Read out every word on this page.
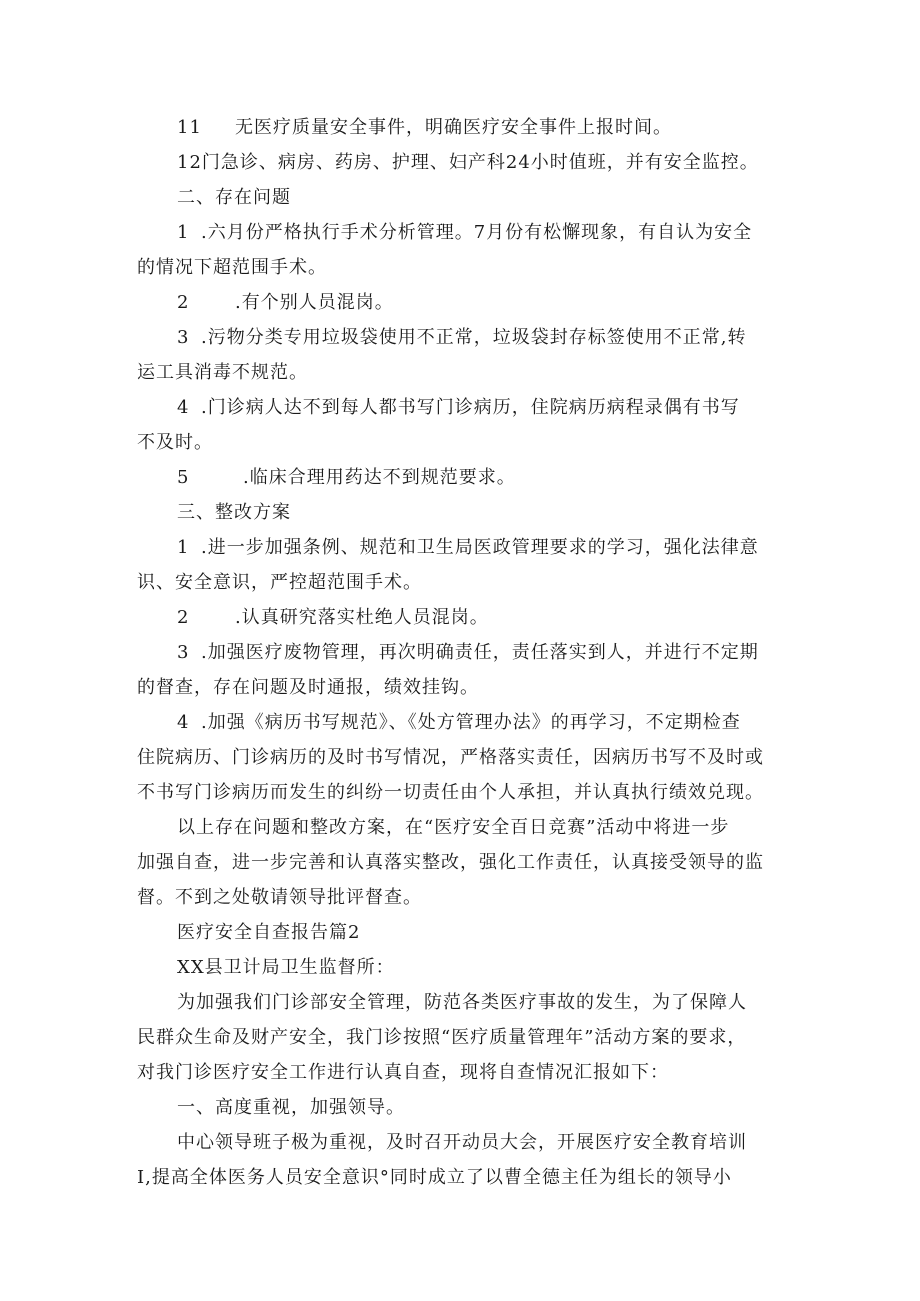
11 无医疗质量安全事件，明确医疗安全事件上报时间。

12门急诊、病房、药房、护理、妇产科24小时值班，并有安全监控。

二、存在问题

1 .六月份严格执行手术分析管理。7月份有松懈现象，有自认为安全

的情况下超范围手术。

2	.有个别人员混岗。

3 .污物分类专用垃圾袋使用不正常，垃圾袋封存标签使用不正常,转

运工具消毒不规范。

4 .门诊病人达不到每人都书写门诊病历，住院病历病程录偶有书写

不及时。

5	.临床合理用药达不到规范要求。

三、整改方案

1 .进一步加强条例、规范和卫生局医政管理要求的学习，强化法律意

识、安全意识，严控超范围手术。

2	.认真研究落实杜绝人员混岗。

3 .加强医疗废物管理，再次明确责任，责任落实到人，并进行不定期

的督查，存在问题及时通报，绩效挂钩。

4 .加强《病历书写规范》、《处方管理办法》的再学习，不定期检查

住院病历、门诊病历的及时书写情况，严格落实责任，因病历书写不及时或

不书写门诊病历而发生的纠纷一切责任由个人承担，并认真执行绩效兑现。

以上存在问题和整改方案，在“医疗安全百日竞赛”活动中将进一步

加强自查，进一步完善和认真落实整改，强化工作责任，认真接受领导的监

督。不到之处敬请领导批评督查。

医疗安全自查报告篇2

XX县卫计局卫生监督所：

为加强我们门诊部安全管理，防范各类医疗事故的发生，为了保障人

民群众生命及财产安全，我门诊按照“医疗质量管理年”活动方案的要求，

对我门诊医疗安全工作进行认真自查，现将自查情况汇报如下：

一、高度重视，加强领导。

中心领导班子极为重视，及时召开动员大会，开展医疗安全教育培训

I,提高全体医务人员安全意识°同时成立了以曹全德主任为组长的领导小
